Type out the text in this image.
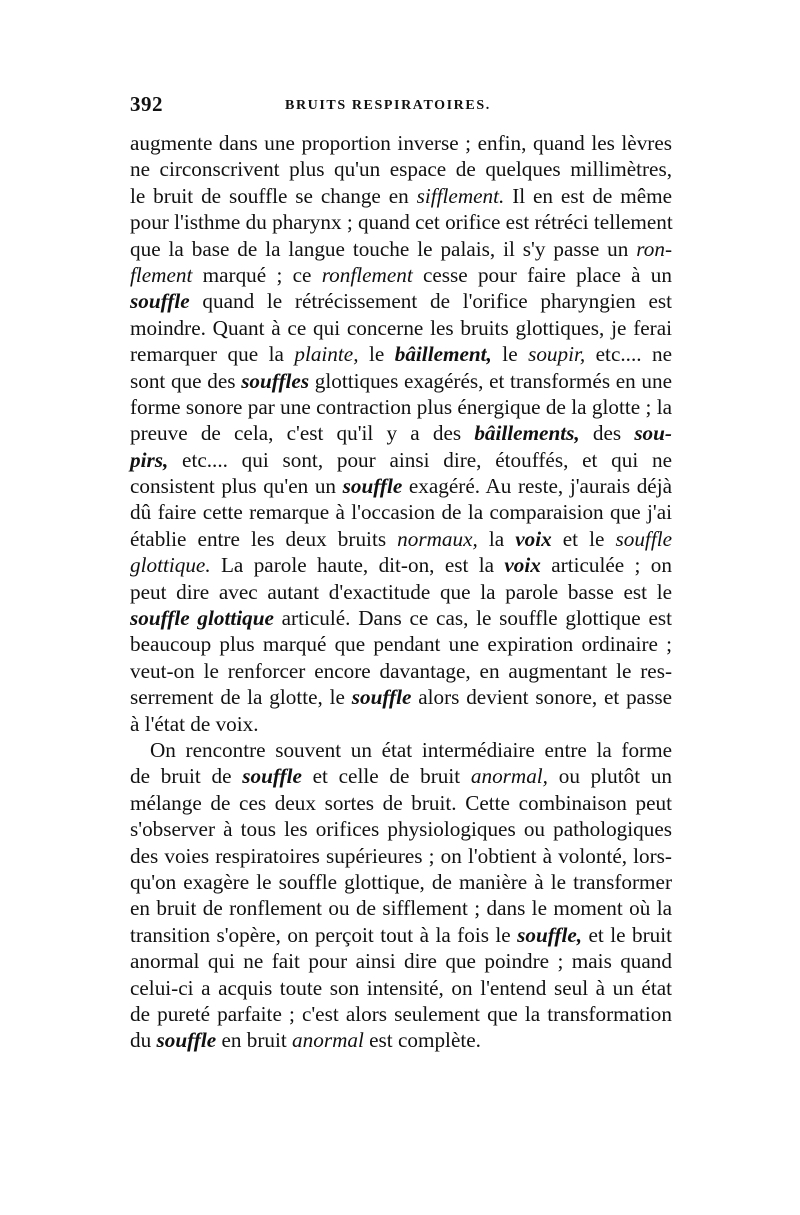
392	BRUITS RESPIRATOIRES.
augmente dans une proportion inverse ; enfin, quand les lèvres
ne circonscrivent plus qu'un espace de quelques millimètres,
le bruit de souffle se change en sifflement. Il en est de même
pour l'isthme du pharynx ; quand cet orifice est rétréci tellement
que la base de la langue touche le palais, il s'y passe un ron-
flement marqué ; ce ronflement cesse pour faire place à un
souffle quand le rétrécissement de l'orifice pharyngien est
moindre. Quant à ce qui concerne les bruits glottiques, je ferai
remarquer que la plainte, le bâillement, le soupir, etc.... ne
sont que des souffles glottiques exagérés, et transformés en une
forme sonore par une contraction plus énergique de la glotte ; la
preuve de cela, c'est qu'il y a des bâillements, des sou-
pirs, etc.... qui sont, pour ainsi dire, étouffés, et qui ne
consistent plus qu'en un souffle exagéré. Au reste, j'aurais déjà
dû faire cette remarque à l'occasion de la comparaision que j'ai
établie entre les deux bruits normaux, la voix et le souffle
glottique. La parole haute, dit-on, est la voix articulée ; on
peut dire avec autant d'exactitude que la parole basse est le
souffle glottique articulé. Dans ce cas, le souffle glottique est
beaucoup plus marqué que pendant une expiration ordinaire ;
veut-on le renforcer encore davantage, en augmentant le res-
serrement de la glotte, le souffle alors devient sonore, et passe
à l'état de voix.
On rencontre souvent un état intermédiaire entre la forme
de bruit de souffle et celle de bruit anormal, ou plutôt un
mélange de ces deux sortes de bruit. Cette combinaison peut
s'observer à tous les orifices physiologiques ou pathologiques
des voies respiratoires supérieures ; on l'obtient à volonté, lors-
qu'on exagère le souffle glottique, de manière à le transformer
en bruit de ronflement ou de sifflement ; dans le moment où la
transition s'opère, on perçoit tout à la fois le souffle, et le bruit
anormal qui ne fait pour ainsi dire que poindre ; mais quand
celui-ci a acquis toute son intensité, on l'entend seul à un état
de pureté parfaite ; c'est alors seulement que la transformation
du souffle en bruit anormal est complète.
